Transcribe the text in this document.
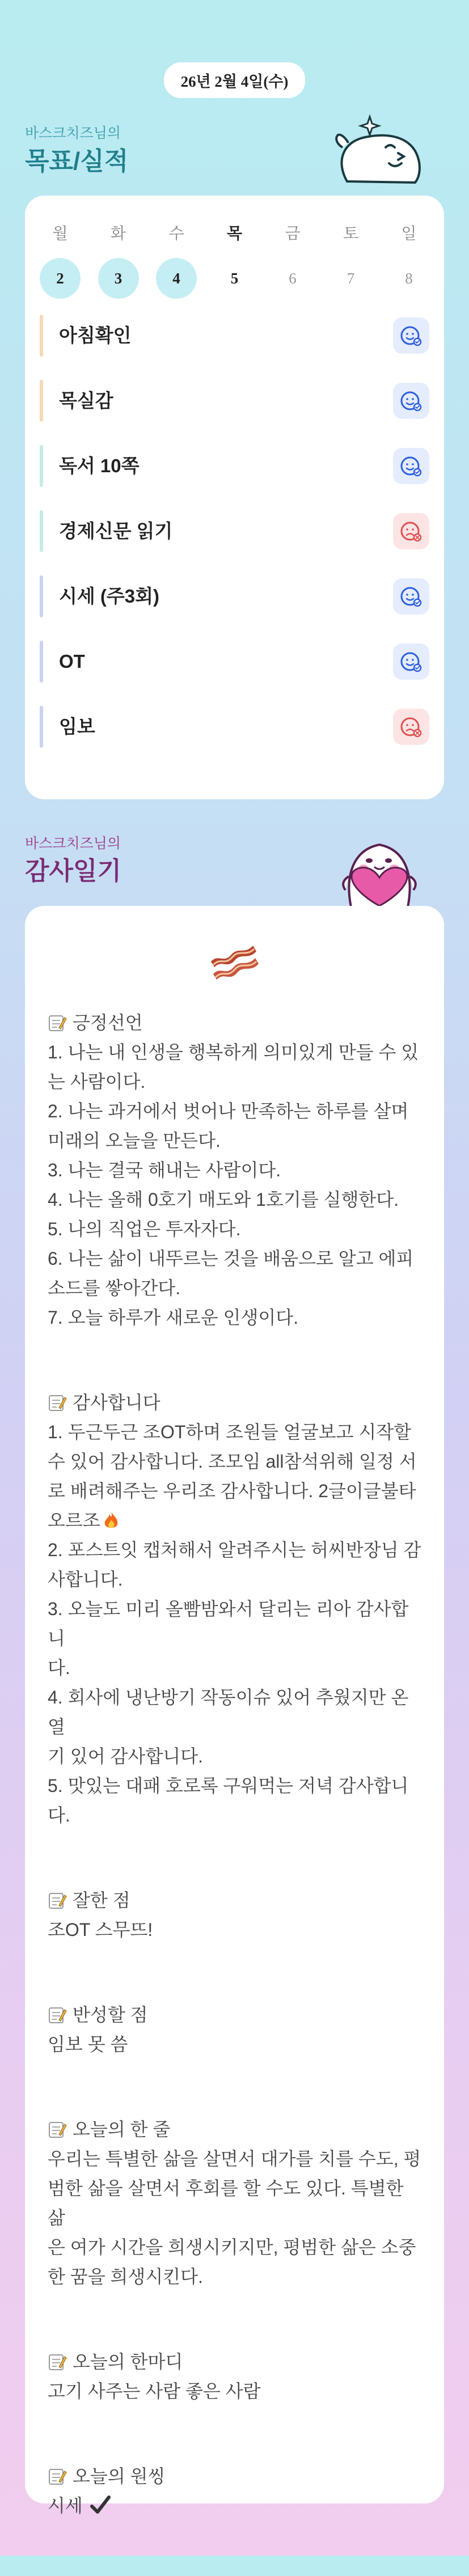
26년 2월 4일(수)
바스크치즈님의
목표/실적
월
2
화
3
수
4
목
5
금
6
토
7
일
8
아침확인
목실감
독서 10쪽
경제신문 읽기
시세 (주3회)
OT
임보
바스크치즈님의
감사일기
긍정선언
1. 나는 내 인생을 행복하게 의미있게 만들 수 있
는 사람이다.
2. 나는 과거에서 벗어나 만족하는 하루를 살며
미래의 오늘을 만든다.
3. 나는 결국 해내는 사람이다.
4. 나는 올해 0호기 매도와 1호기를 실행한다.
5. 나의 직업은 투자자다.
6. 나는 삶이 내뚜르는 것을 배움으로 알고 에피
소드를 쌓아간다.
7. 오늘 하루가 새로운 인생이다.
감사합니다
1. 두근두근 조OT하며 조원들 얼굴보고 시작할
수 있어 감사합니다. 조모임 all참석위해 일정 서
로 배려해주는 우리조 감사합니다. 2글이글불타
오르조
2. 포스트잇 캡처해서 알려주시는 허씨반장님 감
사합니다.
3. 오늘도 미리 올빰밤와서 달리는 리아 감사합니
다.
4. 회사에 냉난방기 작동이슈 있어 추웠지만 온열
기 있어 감사합니다.
5. 맛있는 대패 호로록 구워먹는 저녁 감사합니
다.
잘한 점
조OT 스무뜨!
반성할 점
임보 못 씀
오늘의 한 줄
우리는 특별한 삶을 살면서 대가를 치를 수도, 평
범한 삶을 살면서 후회를 할 수도 있다. 특별한 삶
은 여가 시간을 희생시키지만, 평범한 삶은 소중
한 꿈을 희생시킨다.
오늘의 한마디
고기 사주는 사람 좋은 사람
오늘의 원씽
시세
